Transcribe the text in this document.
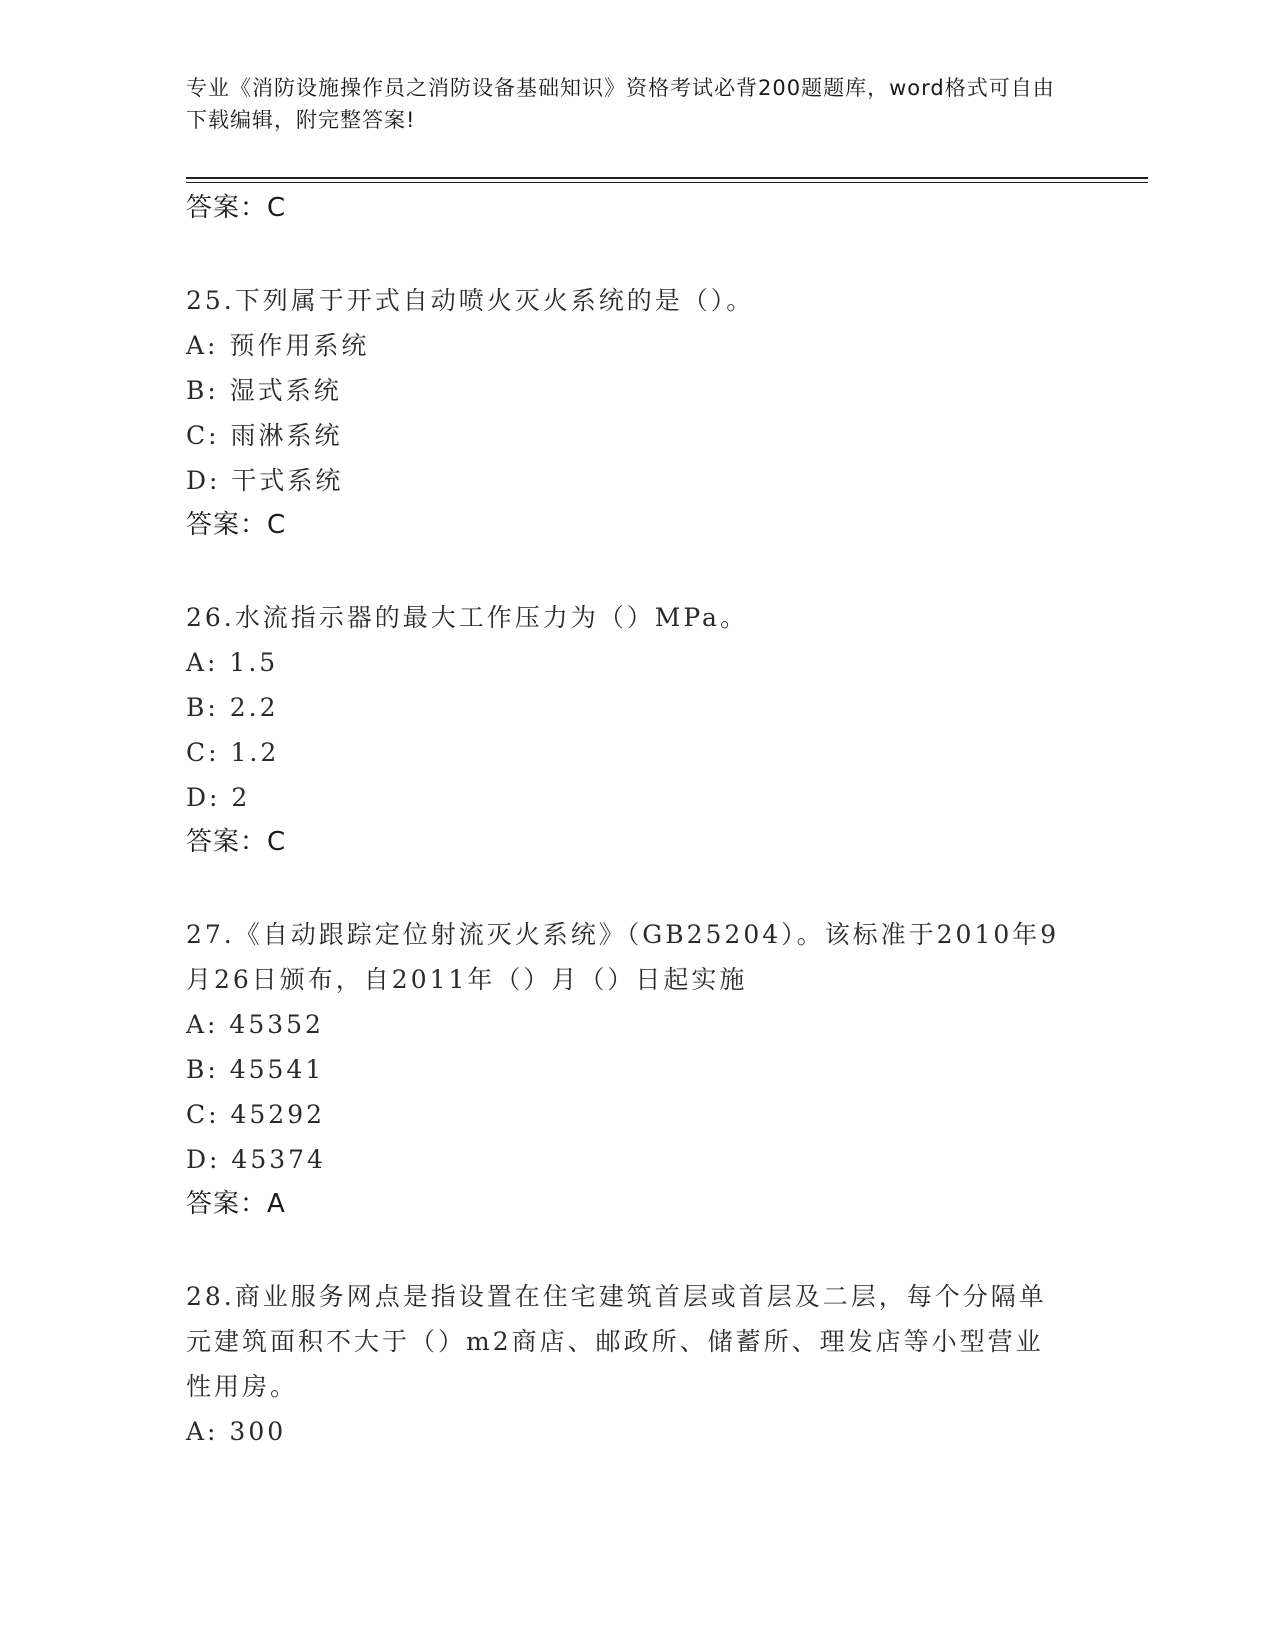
专业《消防设施操作员之消防设备基础知识》资格考试必背200题题库，word格式可自由下载编辑，附完整答案!
答案：C
25.下列属于开式自动喷火灭火系统的是（）。
A: 预作用系统
B: 湿式系统
C: 雨淋系统
D: 干式系统
答案：C
26.水流指示器的最大工作压力为（）MPa。
A: 1.5
B: 2.2
C: 1.2
D: 2
答案：C
27.《自动跟踪定位射流灭火系统》（GB25204）。该标准于2010年9月26日颁布，自2011年（）月（）日起实施
A: 45352
B: 45541
C: 45292
D: 45374
答案：A
28.商业服务网点是指设置在住宅建筑首层或首层及二层，每个分隔单元建筑面积不大于（）m2商店、邮政所、储蓄所、理发店等小型营业性用房。
A: 300
